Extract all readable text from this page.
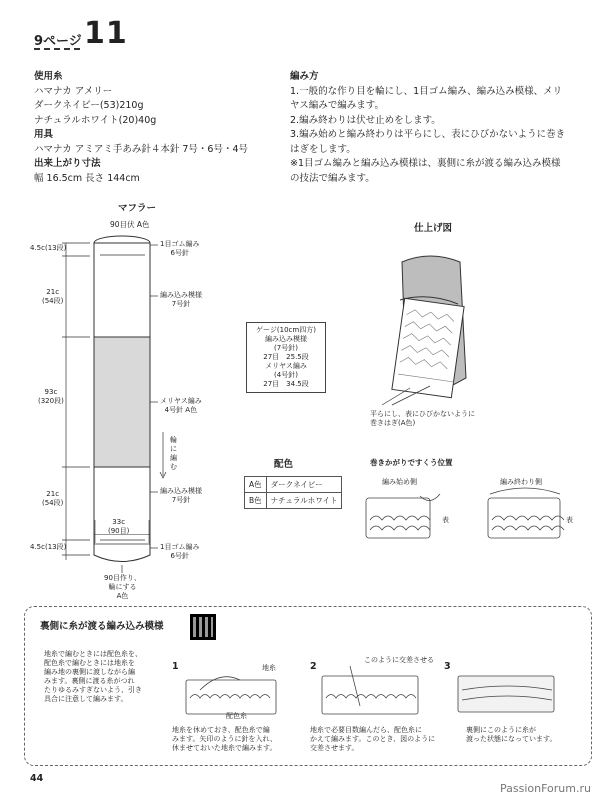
9ページ 11
使用糸
ハマナカ アメリー
ダークネイビー(53)210g
ナチュラルホワイト(20)40g
用具
ハマナカ アミアミ手あみ針４本針 7号・6号・4号
出来上がり寸法
幅 16.5cm 長さ 144cm
編み方
1.一般的な作り目を輪にし、1目ゴム編み、編み込み模様、メリ
ヤス編みで編みます。
2.編み終わりは伏せ止めをします。
3.編み始めと編み終わりは平らにし、表にひびかないように巻き
はぎをします。
※1目ゴム編みと編み込み模様は、裏側に糸が渡る編み込み模様
の技法で編みます。
マフラー
90目伏 A色
4.5c(13段)
21c
(54段)
93c
(320段)
21c
(54段)
4.5c(13段)
1目ゴム編み
6号針
編み込み模様
7号針
メリヤス編み
4号針 A色
輪
に
編
む
編み込み模様
7号針
1目ゴム編み
6号針
33c
(90目)
90目作り、
輪にする
A色
ゲージ(10cm四方)
編み込み模様
(7号針)
27目　25.5段
メリヤス編み
(4号針)
27目　34.5段
配色
A色	ダークネイビー
B色	ナチュラルホワイト
仕上げ図
平らにし、表にひびかないように
巻きはぎ(A色)
巻きかがりですくう位置
編み始め側	編み終わり側
表	表
裏側に糸が渡る編み込み模様
地糸で編むときには配色糸を、
配色糸で編むときには地糸を
編み地の裏側に渡しながら編
みます。裏側に渡る糸がつれ
たりゆるみすぎないよう、引き
具合に注意して編みます。
1	2	3
地糸
配色糸
このように交差させる
地糸を休めておき、配色糸で編
みます。矢印のように針を入れ、
休ませておいた地糸で編みます。
地糸で必要目数編んだら、配色糸に
かえて編みます。このとき、図のように
交差させます。
裏側にこのように糸が
渡った状態になっています。
44
PassionForum.ru
